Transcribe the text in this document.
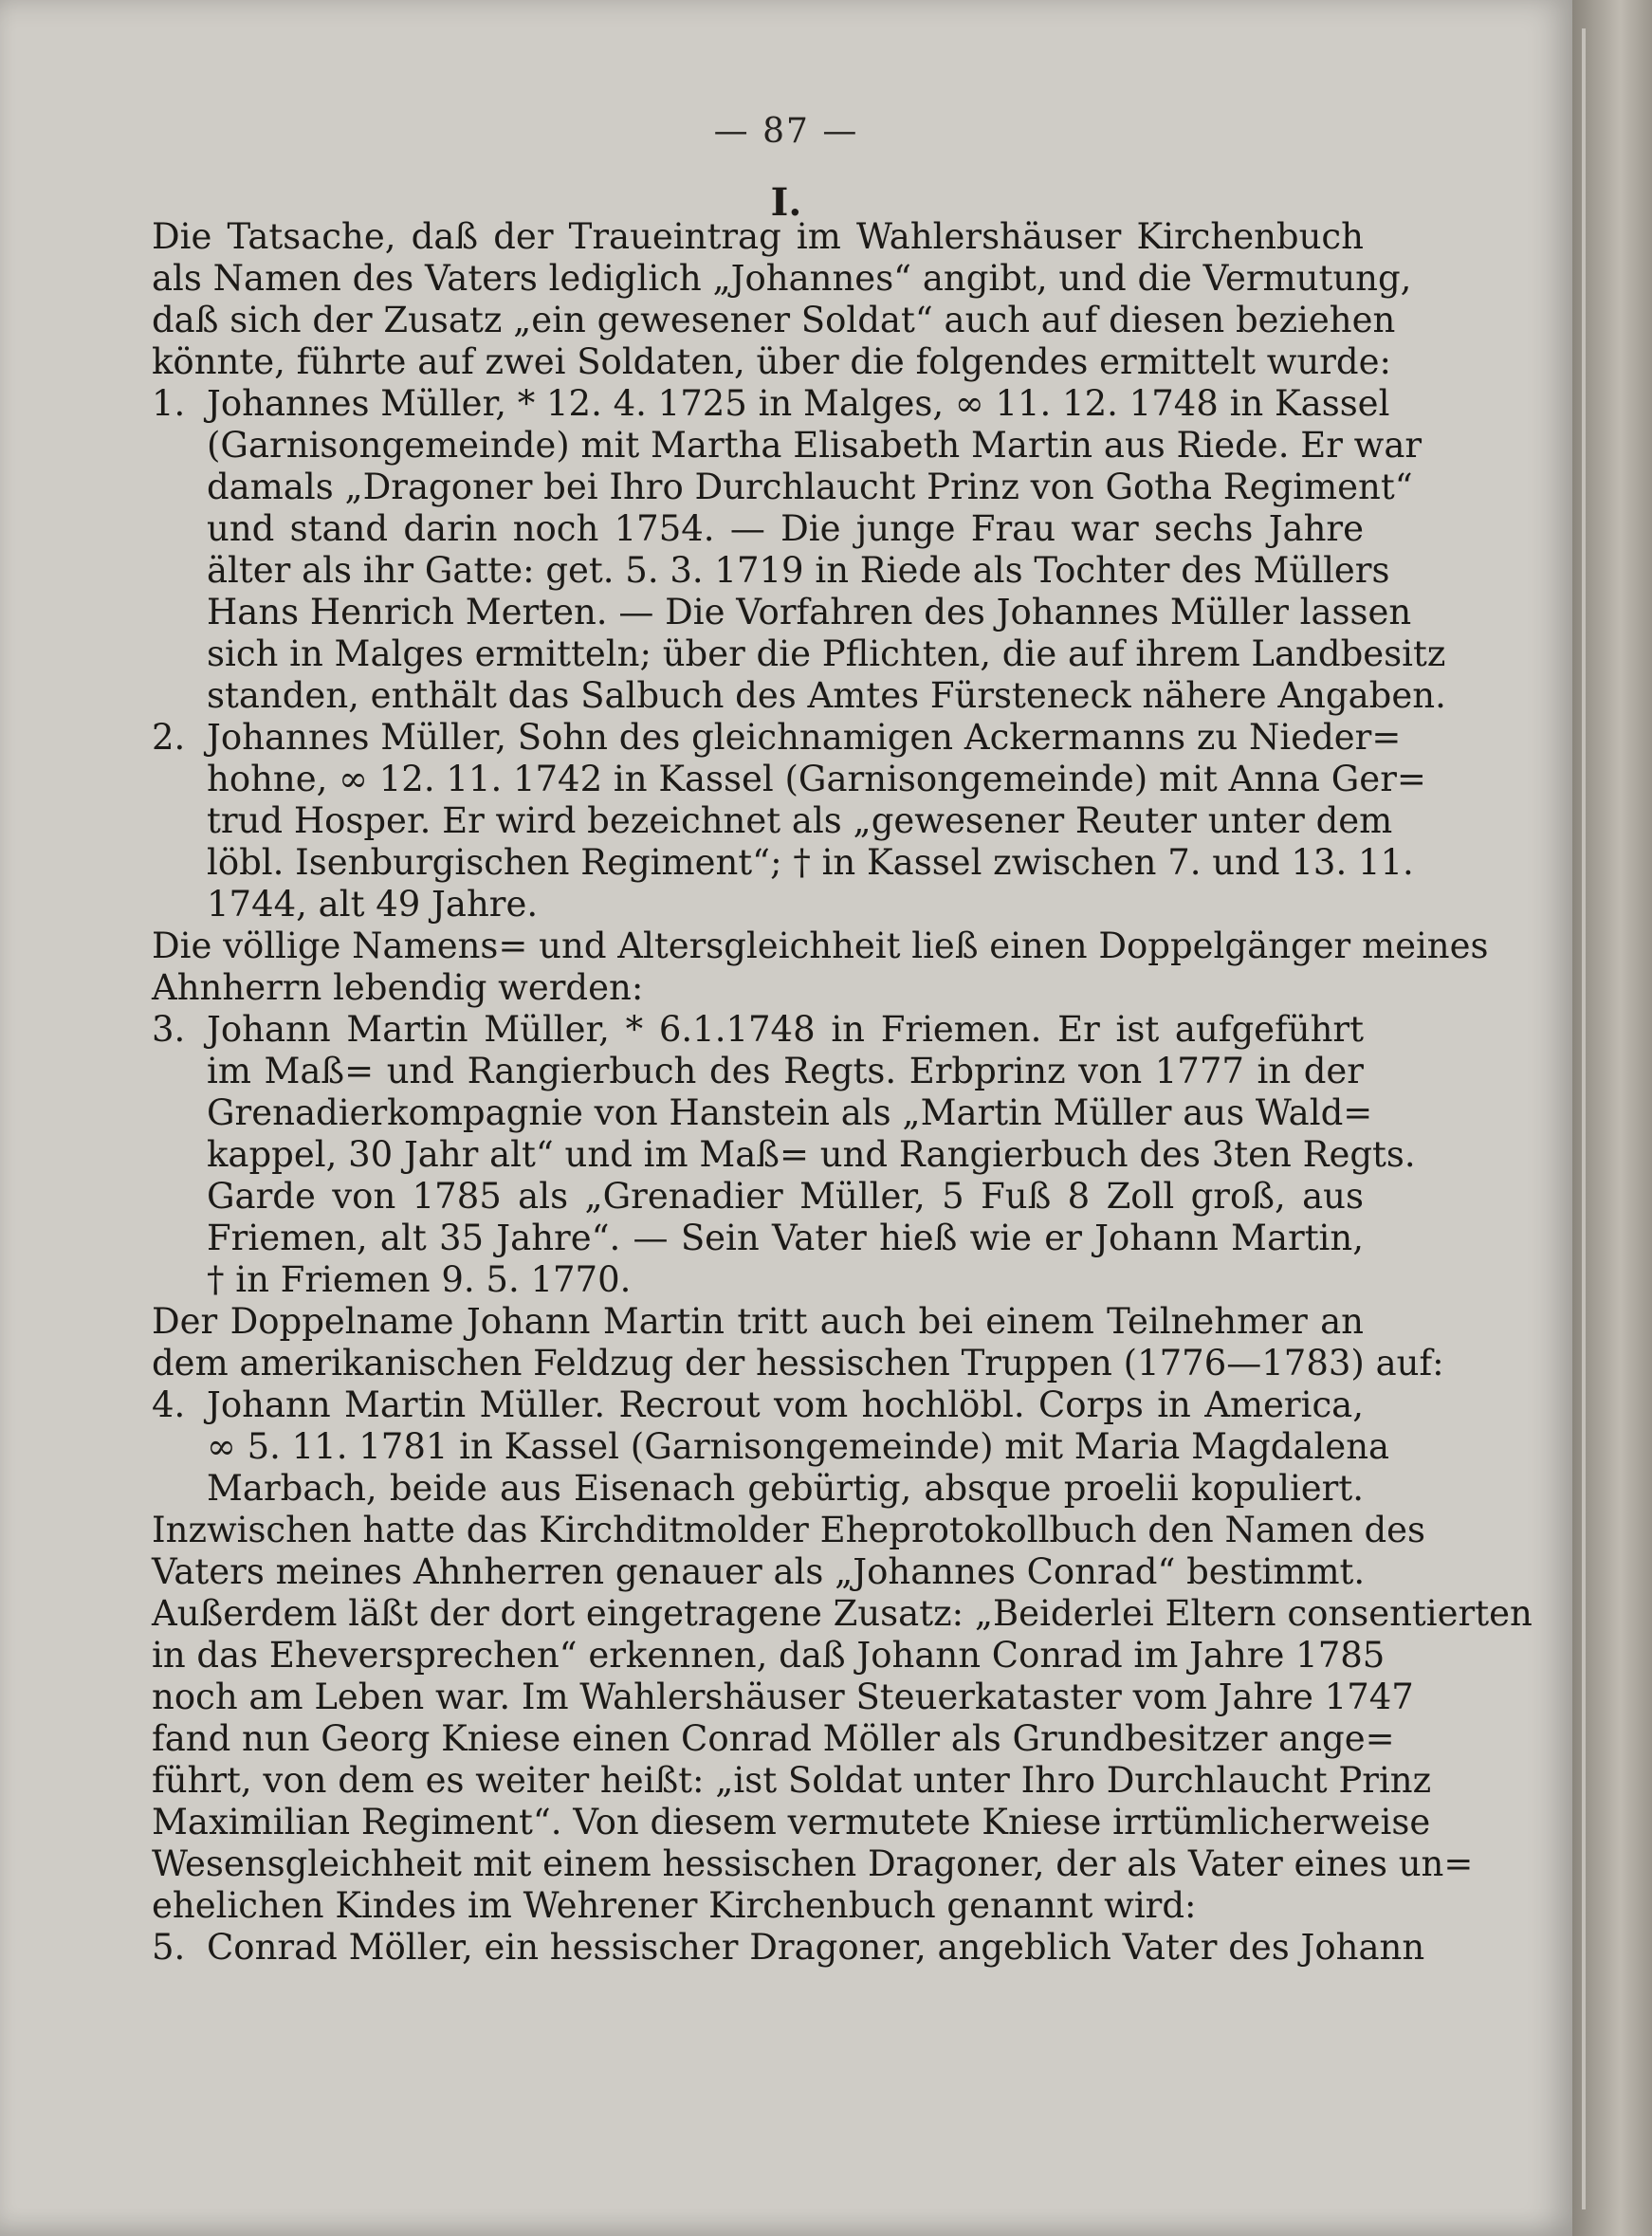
— 87 —
I.
Die Tatsache, daß der Traueintrag im Wahlershäuser Kirchenbuch
als Namen des Vaters lediglich „Johannes“ angibt, und die Vermutung,
daß sich der Zusatz „ein gewesener Soldat“ auch auf diesen beziehen
könnte, führte auf zwei Soldaten, über die folgendes ermittelt wurde:
1. Johannes Müller, * 12. 4. 1725 in Malges, ∞ 11. 12. 1748 in Kassel
(Garnisongemeinde) mit Martha Elisabeth Martin aus Riede. Er war
damals „Dragoner bei Ihro Durchlaucht Prinz von Gotha Regiment“
und stand darin noch 1754. — Die junge Frau war sechs Jahre
älter als ihr Gatte: get. 5. 3. 1719 in Riede als Tochter des Müllers
Hans Henrich Merten. — Die Vorfahren des Johannes Müller lassen
sich in Malges ermitteln; über die Pflichten, die auf ihrem Landbesitz
standen, enthält das Salbuch des Amtes Fürsteneck nähere Angaben.
2. Johannes Müller, Sohn des gleichnamigen Ackermanns zu Nieder=
hohne, ∞ 12. 11. 1742 in Kassel (Garnisongemeinde) mit Anna Ger=
trud Hosper. Er wird bezeichnet als „gewesener Reuter unter dem
löbl. Isenburgischen Regiment“; † in Kassel zwischen 7. und 13. 11.
1744, alt 49 Jahre.
Die völlige Namens= und Altersgleichheit ließ einen Doppelgänger meines
Ahnherrn lebendig werden:
3. Johann Martin Müller, * 6.1.1748 in Friemen. Er ist aufgeführt
im Maß= und Rangierbuch des Regts. Erbprinz von 1777 in der
Grenadierkompagnie von Hanstein als „Martin Müller aus Wald=
kappel, 30 Jahr alt“ und im Maß= und Rangierbuch des 3ten Regts.
Garde von 1785 als „Grenadier Müller, 5 Fuß 8 Zoll groß, aus
Friemen, alt 35 Jahre“. — Sein Vater hieß wie er Johann Martin,
† in Friemen 9. 5. 1770.
Der Doppelname Johann Martin tritt auch bei einem Teilnehmer an
dem amerikanischen Feldzug der hessischen Truppen (1776—1783) auf:
4. Johann Martin Müller. Recrout vom hochlöbl. Corps in America,
∞ 5. 11. 1781 in Kassel (Garnisongemeinde) mit Maria Magdalena
Marbach, beide aus Eisenach gebürtig, absque proelii kopuliert.
Inzwischen hatte das Kirchditmolder Eheprotokollbuch den Namen des
Vaters meines Ahnherren genauer als „Johannes Conrad“ bestimmt.
Außerdem läßt der dort eingetragene Zusatz: „Beiderlei Eltern consentierten
in das Eheversprechen“ erkennen, daß Johann Conrad im Jahre 1785
noch am Leben war. Im Wahlershäuser Steuerkataster vom Jahre 1747
fand nun Georg Kniese einen Conrad Möller als Grundbesitzer ange=
führt, von dem es weiter heißt: „ist Soldat unter Ihro Durchlaucht Prinz
Maximilian Regiment“. Von diesem vermutete Kniese irrtümlicherweise
Wesensgleichheit mit einem hessischen Dragoner, der als Vater eines un=
ehelichen Kindes im Wehrener Kirchenbuch genannt wird:
5. Conrad Möller, ein hessischer Dragoner, angeblich Vater des Johann
